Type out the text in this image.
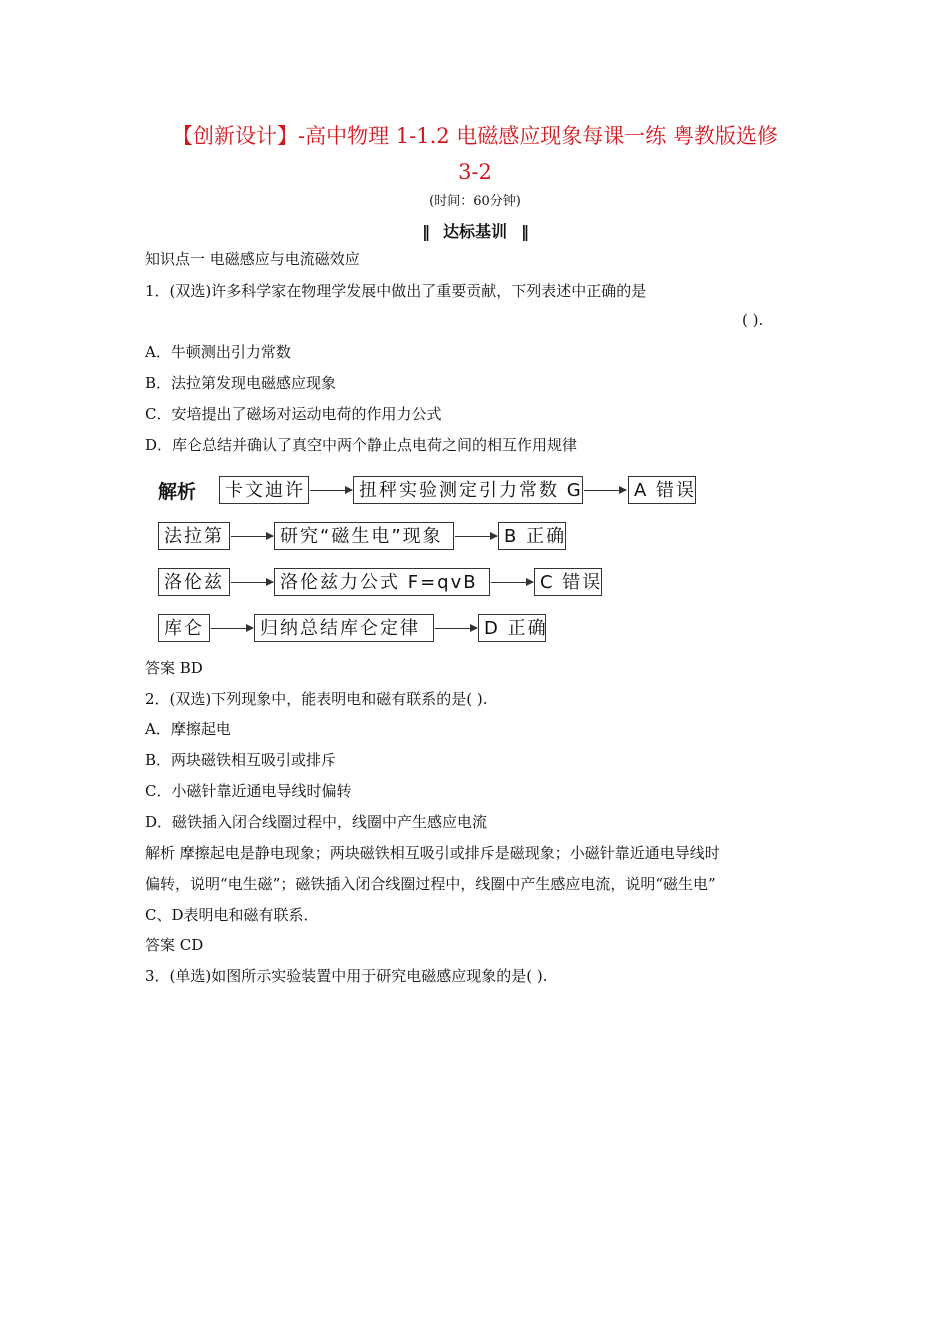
【创新设计】-高中物理 1-1.2 电磁感应现象每课一练 粤教版选修
3-2
(时间：60分钟)
‖ 达标基训 ‖
知识点一 电磁感应与电流磁效应
1．(双选)许多科学家在物理学发展中做出了重要贡献，下列表述中正确的是
( ).
A．牛顿测出引力常数
B．法拉第发现电磁感应现象
C．安培提出了磁场对运动电荷的作用力公式
D．库仑总结并确认了真空中两个静止点电荷之间的相互作用规律
解析	卡文迪许	扭秤实验测定引力常数 G	A 错误
法拉第	研究“磁生电”现象	B 正确
洛伦兹	洛伦兹力公式 F=qvB	C 错误
库仑	归纳总结库仑定律	D 正确
答案 BD
2．(双选)下列现象中，能表明电和磁有联系的是( ).
A．摩擦起电
B．两块磁铁相互吸引或排斥
C．小磁针靠近通电导线时偏转
D．磁铁插入闭合线圈过程中，线圈中产生感应电流
解析 摩擦起电是静电现象；两块磁铁相互吸引或排斥是磁现象；小磁针靠近通电导线时
偏转，说明“电生磁”；磁铁插入闭合线圈过程中，线圈中产生感应电流，说明“磁生电”
C、D表明电和磁有联系．
答案 CD
3．(单选)如图所示实验装置中用于研究电磁感应现象的是( ).
